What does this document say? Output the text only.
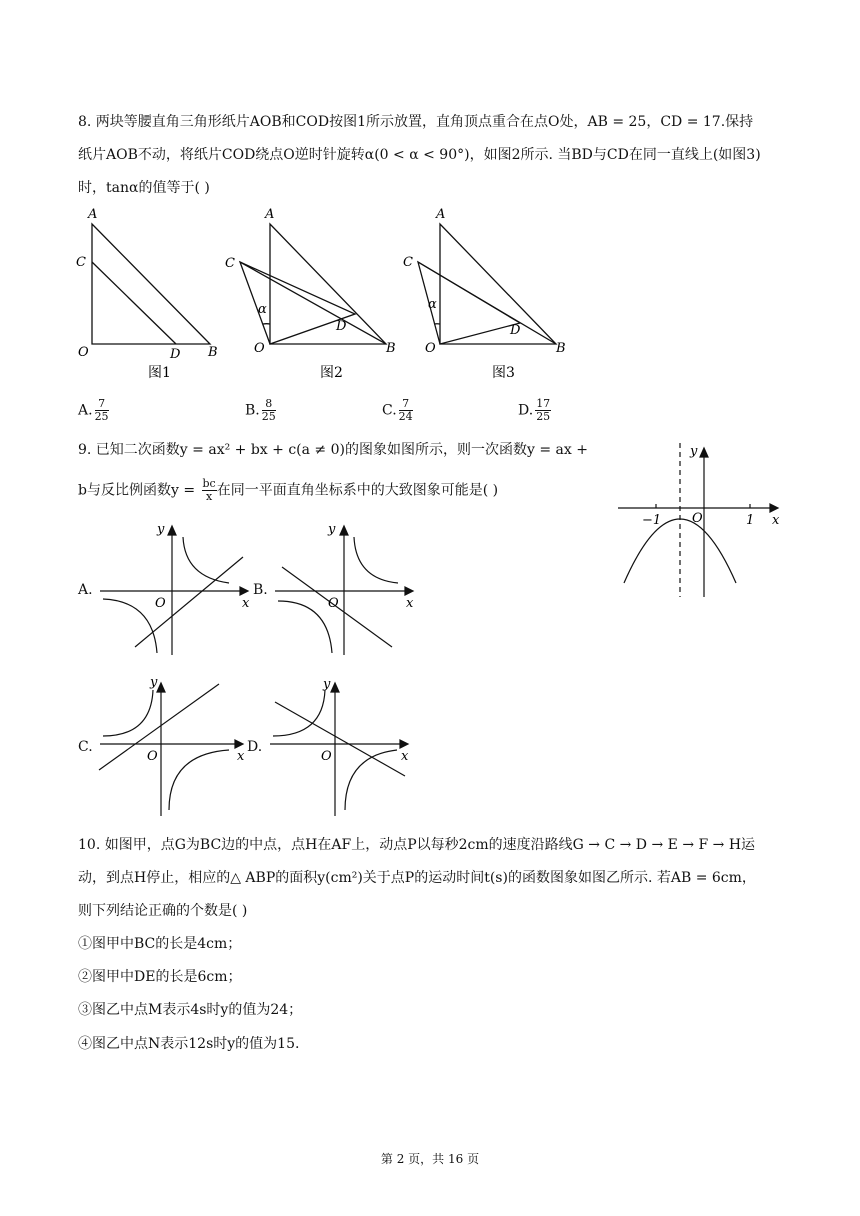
8. 两块等腰直角三角形纸片AOB和COD按图1所示放置，直角顶点重合在点O处，AB = 25，CD = 17.保持
纸片AOB不动，将纸片COD绕点O逆时针旋转α(0 < α < 90°)，如图2所示. 当BD与CD在同一直线上(如图3)
时，tanα的值等于( )
A
C
O	D B
图1
A
C
α
D
O	B
图2
A
C
α
D
O	B
图3
A. $\frac{7}{25}$	B. $\frac{8}{25}$	C. $\frac{7}{24}$	D. $\frac{17}{25}$
9. 已知二次函数y = ax² + bx + c(a ≠ 0)的图象如图所示，则一次函数y = ax +
b与反比例函数$y = \frac{bc}{x}$ 在同一平面直角坐标系中的大致图象可能是( )
y
x
O
−1	1
A.
y
x
O
B.
y
x
O
C.
y
x
O
D.
y
x
O
10. 如图甲，点G为BC边的中点，点H在AF上，动点P以每秒2cm的速度沿路线G → C → D → E → F → H运
动，到点H停止，相应的△ ABP的面积y(cm²)关于点P的运动时间t(s)的函数图象如图乙所示. 若AB = 6cm，
则下列结论正确的个数是( )
①图甲中BC的长是4cm；
②图甲中DE的长是6cm；
③图乙中点M表示4s时y的值为24；
④图乙中点N表示12s时y的值为15.
第 2 页，共 16 页
